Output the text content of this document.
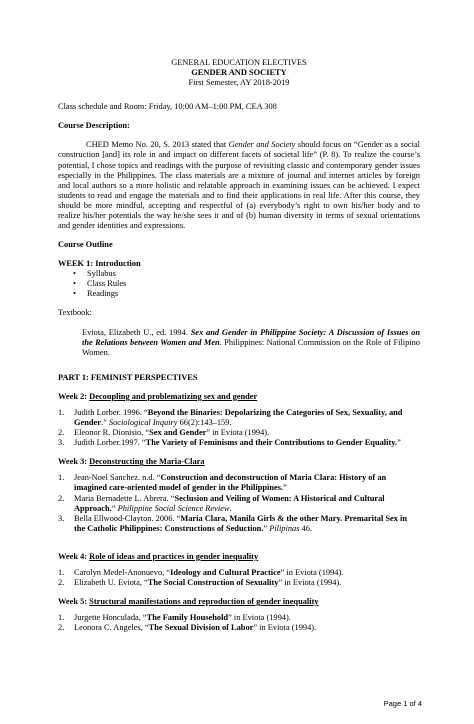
GENERAL EDUCATION ELECTIVES

GENDER AND SOCIETY

First Semester, AY 2018-2019

Class schedule and Room: Friday, 10:00 AM–1:00 PM, CEA 308

Course Description:

CHED Memo No. 20, S. 2013 stated that Gender and Society should focus on “Gender as a social construction [and] its role in and impact on different facets of societal life” (P. 8). To realize the course’s potential, I chose topics and readings with the purpose of revisiting classic and contemporary gender issues especially in the Philippines. The class materials are a mixture of journal and internet articles by foreign and local authors so a more holistic and relatable approach in examining issues can be achieved. I expect students to read and engage the materials and to find their applications in real life. After this course, they should be more mindful, accepting and respectful of (a) everybody’s right to own his/her body and to realize his/her potentials the way he/she sees it and of (b) human diversity in terms of sexual orientations and gender identities and expressions.

Course Outline

WEEK 1: Introduction

• Syllabus
• Class Rules
• Readings

Textbook:

Eviota, Elizabeth U., ed. 1994. Sex and Gender in Philippine Society: A Discussion of Issues on the Relations between Women and Men. Philippines: National Commission on the Role of Filipino Women.

PART 1: FEMINIST PERSPECTIVES

Week 2: Decoupling and problematizing sex and gender

1. Judith Lorber. 1996. “Beyond the Binaries: Depolarizing the Categories of Sex, Sexuality, and Gender.” Sociological Inquiry 66(2):143–159.
2. Eleonor R. Dionisio, “Sex and Gender” in Eviota (1994).
3. Judith Lorber.1997. “The Variety of Feminisms and their Contributions to Gender Equality.”

Week 3: Deconstructing the Maria-Clara

1. Jean-Noel Sanchez. n.d. “Construction and deconstruction of Maria Clara: History of an imagined care-oriented model of gender in the Philippines.”
2. Maria Bernadette L. Abrera. “Seclusion and Veiling of Women: A Historical and Cultural Approach.” Philippine Social Science Review.
3. Bella Ellwood-Clayton. 2006. “Maria Clara, Manila Girls & the other Mary. Premarital Sex in the Catholic Philippines: Constructions of Seduction.” Pilipinas 46.

Week 4: Role of ideas and practices in gender inequality

1. Carolyn Medel-Anonuevo, “Ideology and Cultural Practice” in Eviota (1994).
2. Elizabeth U. Eviota, “The Social Construction of Sexuality” in Eviota (1994).

Week 5: Structural manifestations and reproduction of gender inequality

1. Jurgette Honculada, “The Family Household” in Eviota (1994).
2. Leonora C. Angeles, “The Sexual Division of Labor” in Eviota (1994).
Page 1 of 4
